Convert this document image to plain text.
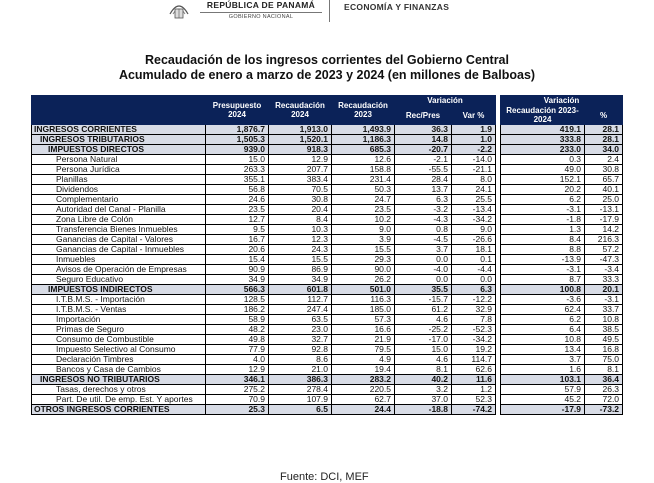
REPÚBLICA DE PANAMÁ
GOBIERNO NACIONAL
ECONOMÍA Y FINANZAS
Recaudación de los ingresos corrientes del Gobierno Central
Acumulado de enero a marzo de 2023 y 2024 (en millones de Balboas)
	Presupuesto 2024	Recaudación 2024	Recaudación 2023	Variación			Variación	
				Rec/Pres	Var %		Recaudación 2023-2024	%
INGRESOS CORRIENTES	1,876.7	1,913.0	1,493.9	36.3	1.9		419.1	28.1
INGRESOS TRIBUTARIOS	1,505.3	1,520.1	1,186.3	14.8	1.0		333.8	28.1
IMPUESTOS DIRECTOS	939.0	918.3	685.3	-20.7	-2.2		233.0	34.0
Persona Natural	15.0	12.9	12.6	-2.1	-14.0		0.3	2.4
Persona Jurídica	263.3	207.7	158.8	-55.5	-21.1		49.0	30.8
Planillas	355.1	383.4	231.4	28.4	8.0		152.1	65.7
Dividendos	56.8	70.5	50.3	13.7	24.1		20.2	40.1
Complementario	24.6	30.8	24.7	6.3	25.5		6.2	25.0
Autoridad del Canal - Planilla	23.5	20.4	23.5	-3.2	-13.4		-3.1	-13.1
Zona Libre de Colón	12.7	8.4	10.2	-4.3	-34.2		-1.8	-17.9
Transferencia Bienes Inmuebles	9.5	10.3	9.0	0.8	9.0		1.3	14.2
Ganancias de Capital - Valores	16.7	12.3	3.9	-4.5	-26.6		8.4	216.3
Ganancias de Capital - Inmuebles	20.6	24.3	15.5	3.7	18.1		8.8	57.2
Inmuebles	15.4	15.5	29.3	0.0	0.1		-13.9	-47.3
Avisos de Operación de Empresas	90.9	86.9	90.0	-4.0	-4.4		-3.1	-3.4
Seguro Educativo	34.9	34.9	26.2	0.0	0.0		8.7	33.3
IMPUESTOS INDIRECTOS	566.3	601.8	501.0	35.5	6.3		100.8	20.1
I.T.B.M.S. - Importación	128.5	112.7	116.3	-15.7	-12.2		-3.6	-3.1
I.T.B.M.S. - Ventas	186.2	247.4	185.0	61.2	32.9		62.4	33.7
Importación	58.9	63.5	57.3	4.6	7.8		6.2	10.8
Primas de Seguro	48.2	23.0	16.6	-25.2	-52.3		6.4	38.5
Consumo de Combustible	49.8	32.7	21.9	-17.0	-34.2		10.8	49.5
Impuesto Selectivo al Consumo	77.9	92.8	79.5	15.0	19.2		13.4	16.8
Declaración Timbres	4.0	8.6	4.9	4.6	114.7		3.7	75.0
Bancos y Casa de Cambios	12.9	21.0	19.4	8.1	62.6		1.6	8.1
INGRESOS NO TRIBUTARIOS	346.1	386.3	283.2	40.2	11.6		103.1	36.4
Tasas, derechos y otros	275.2	278.4	220.5	3.2	1.2		57.9	26.3
Part. De util. De emp. Est. Y aportes	70.9	107.9	62.7	37.0	52.3		45.2	72.0
OTROS INGRESOS CORRIENTES	25.3	6.5	24.4	-18.8	-74.2		-17.9	-73.2
Fuente: DCI, MEF
